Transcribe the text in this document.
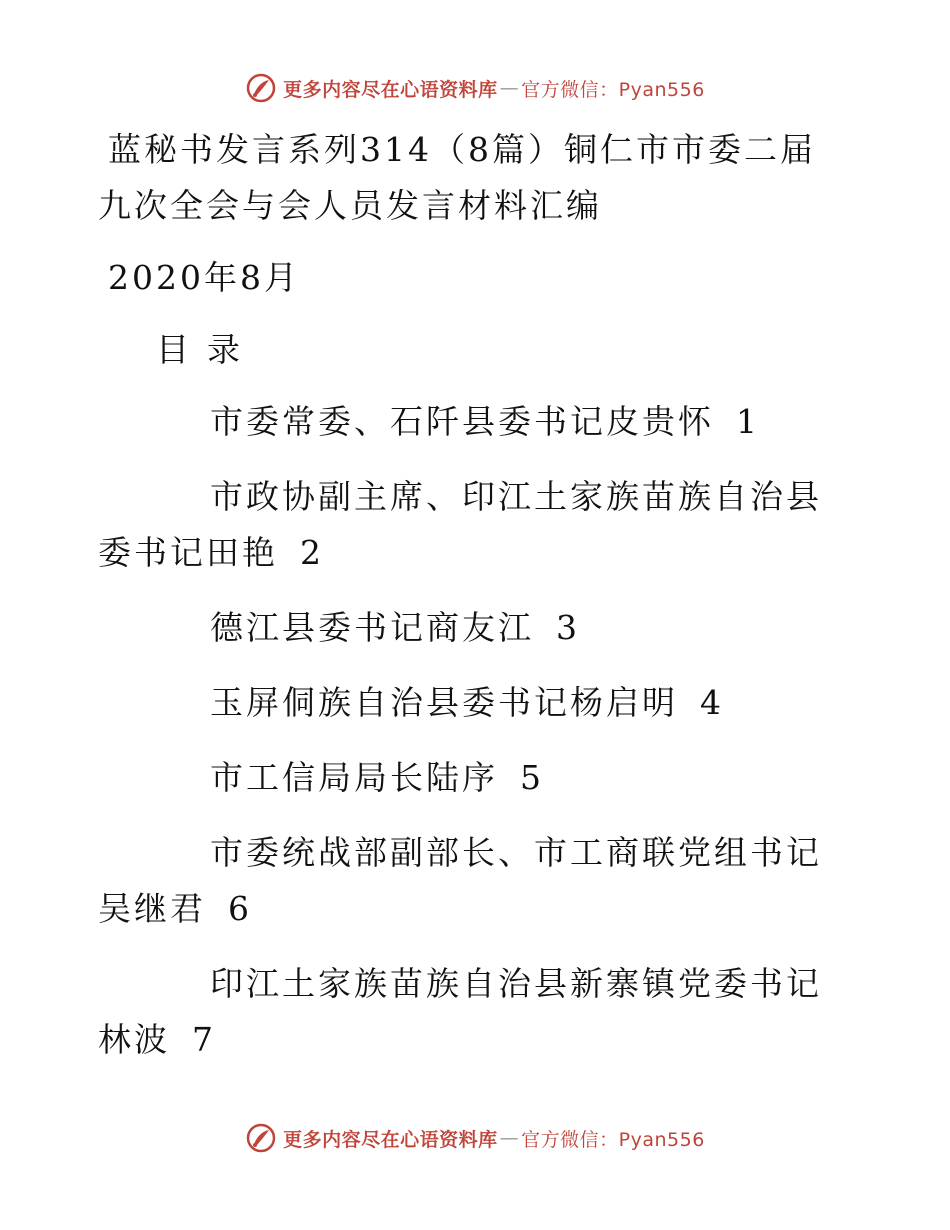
更多内容尽在心语资料库 — 官方微信：Pyan556

蓝秘书发言系列314（8篇）铜仁市市委二届九次全会与会人员发言材料汇编

2020年8月
目录
市委常委、石阡县委书记皮贵怀 1
市政协副主席、印江土家族苗族自治县委书记田艳 2
德江县委书记商友江 3
玉屏侗族自治县委书记杨启明 4
市工信局局长陆序 5
市委统战部副部长、市工商联党组书记吴继君 6
印江土家族苗族自治县新寨镇党委书记林波 7
更多内容尽在心语资料库 — 官方微信：Pyan556
